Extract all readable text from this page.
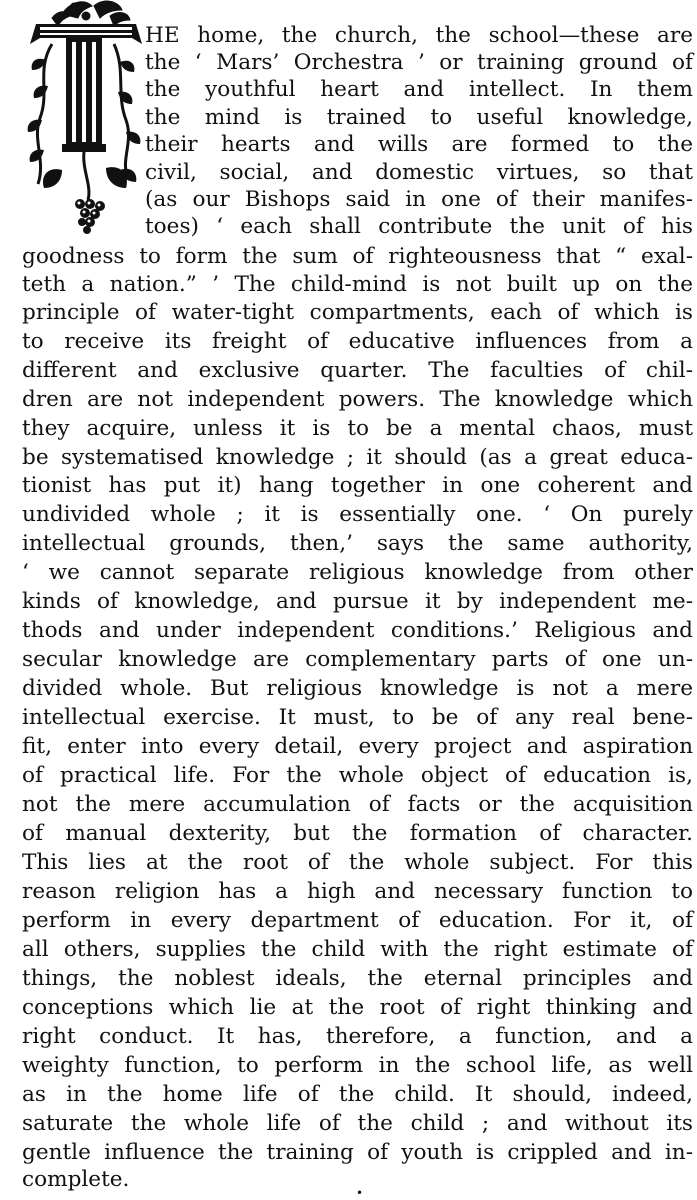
HE home, the church, the school—these are
the ‘ Mars’ Orchestra ’ or training ground of
the youthful heart and intellect. In them
the mind is trained to useful knowledge,
their hearts and wills are formed to the
civil, social, and domestic virtues, so that
(as our Bishops said in one of their manifes-
toes) ‘ each shall contribute the unit of his
goodness to form the sum of righteousness that “ exal-
teth a nation.” ’ The child-mind is not built up on the
principle of water-tight compartments, each of which is
to receive its freight of educative influences from a
different and exclusive quarter. The faculties of chil-
dren are not independent powers. The knowledge which
they acquire, unless it is to be a mental chaos, must
be systematised knowledge ; it should (as a great educa-
tionist has put it) hang together in one coherent and
undivided whole ; it is essentially one. ‘ On purely
intellectual grounds, then,’ says the same authority,
‘ we cannot separate religious knowledge from other
kinds of knowledge, and pursue it by independent me-
thods and under independent conditions.’ Religious and
secular knowledge are complementary parts of one un-
divided whole. But religious knowledge is not a mere
intellectual exercise. It must, to be of any real bene-
fit, enter into every detail, every project and aspiration
of practical life. For the whole object of education is,
not the mere accumulation of facts or the acquisition
of manual dexterity, but the formation of character.
This lies at the root of the whole subject. For this
reason religion has a high and necessary function to
perform in every department of education. For it, of
all others, supplies the child with the right estimate of
things, the noblest ideals, the eternal principles and
conceptions which lie at the root of right thinking and
right conduct. It has, therefore, a function, and a
weighty function, to perform in the school life, as well
as in the home life of the child. It should, indeed,
saturate the whole life of the child ; and without its
gentle influence the training of youth is crippled and in-
complete.
•
